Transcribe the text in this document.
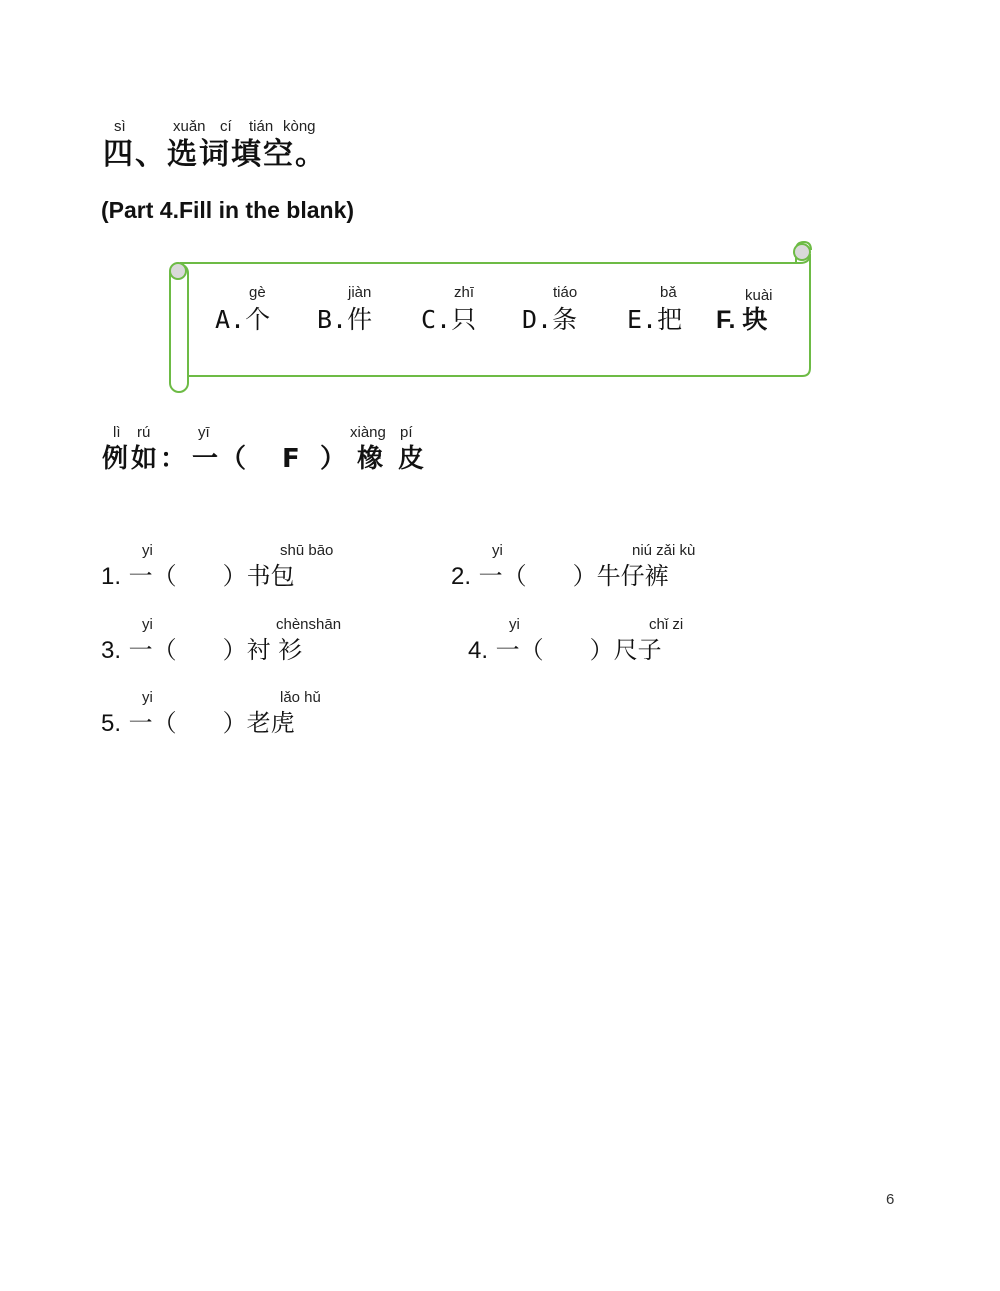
sì	xuǎn cí tián kòng
四、选词填空。
(Part 4.Fill in the blank)
gè
A.个
jiàn
B.件
zhī
C.只
tiáo
D.条
bǎ
E.把
kuài
F. 块
lì rú	yī	xiàng pí
例如： 一
（ F ） 橡 皮
yi	shū bāo
1. 一（ ）书包
yi	niú zǎi kù
2. 一（ ）牛仔裤
yi	chènshān
3. 一（ ）衬 衫
yi	chǐ zi
4. 一（ ）尺子
yi	lǎo hǔ
5. 一（ ）老虎
6
